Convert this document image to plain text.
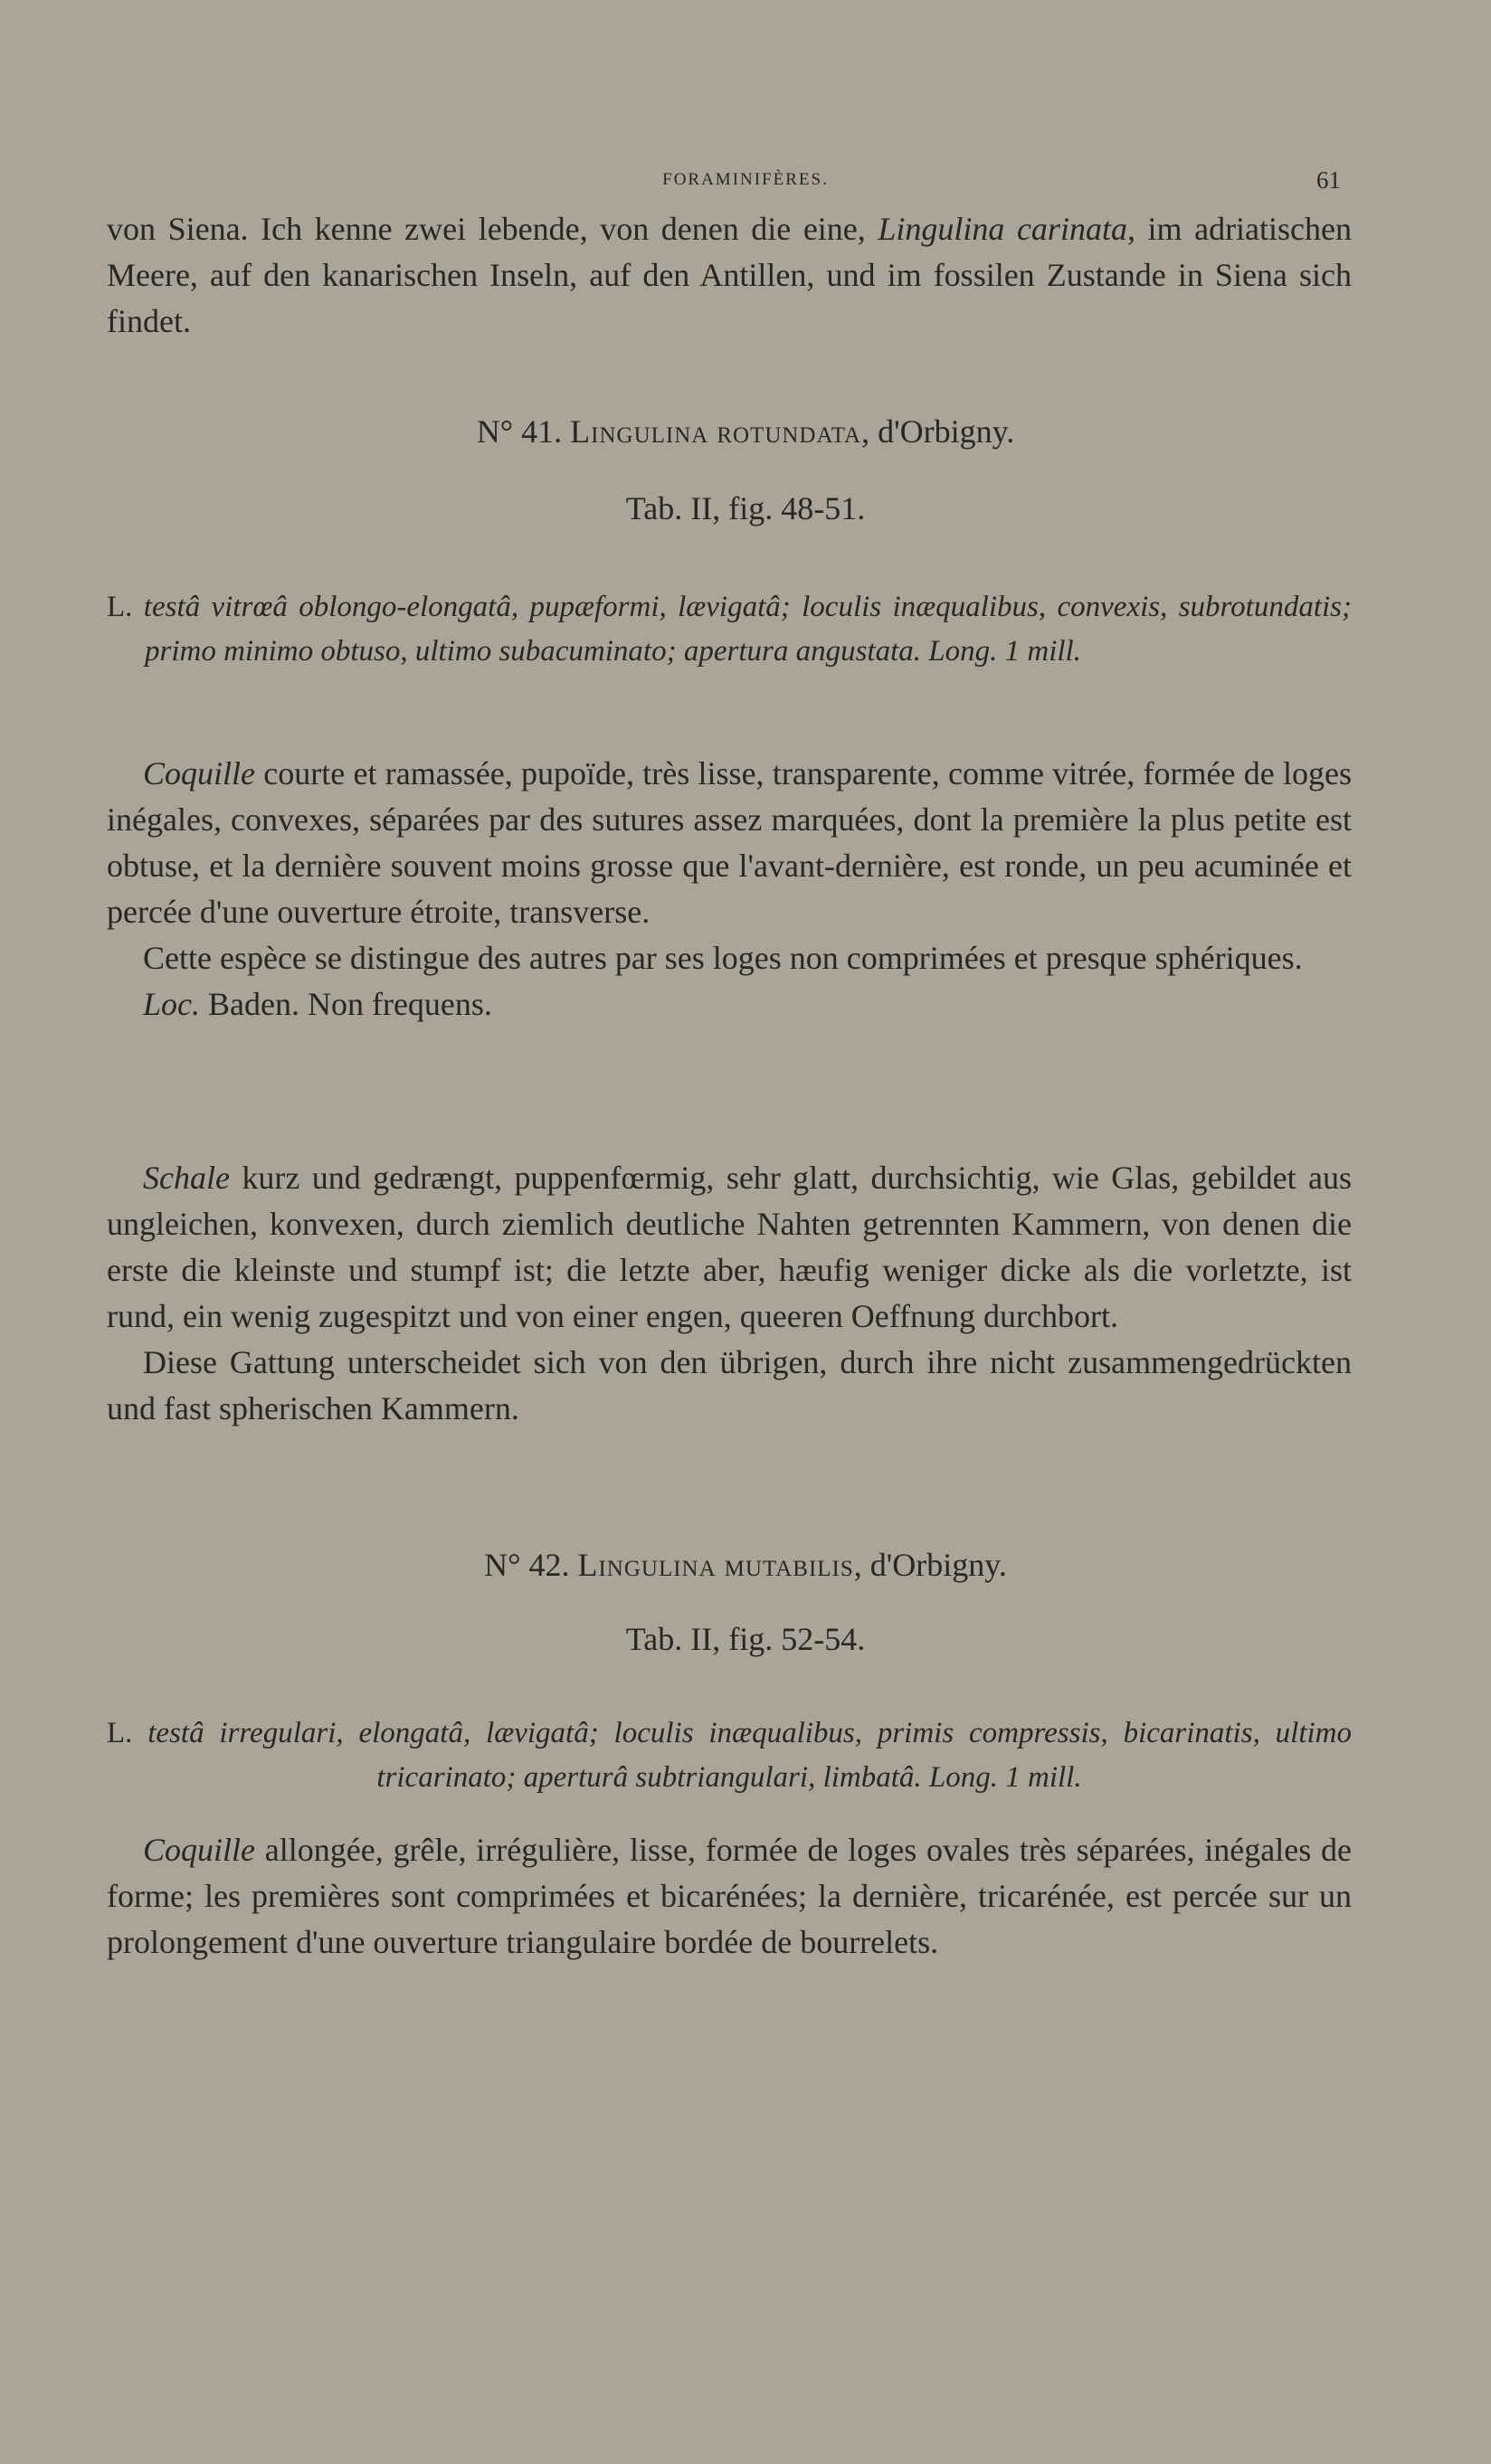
FORAMINIFÈRES.	61

von Siena. Ich kenne zwei lebende, von denen die eine, Lingulina carinata, im adriatischen Meere, auf den kanarischen Inseln, auf den Antillen, und im fossilen Zustande in Siena sich findet.

N° 41. Lingulina rotundata, d'Orbigny.
Tab. II, fig. 48-51.

L. testâ vitrœâ oblongo-elongatâ, pupæformi, lævigatâ; loculis inæqualibus, convexis, subrotundatis; primo minimo obtuso, ultimo subacuminato; apertura angustata. Long. 1 mill.

Coquille courte et ramassée, pupoïde, très lisse, transparente, comme vitrée, formée de loges inégales, convexes, séparées par des sutures assez marquées, dont la première la plus petite est obtuse, et la dernière souvent moins grosse que l'avant-dernière, est ronde, un peu acuminée et percée d'une ouverture étroite, transverse.

Cette espèce se distingue des autres par ses loges non comprimées et presque sphériques.

Loc. Baden. Non frequens.

Schale kurz und gedrængt, puppenfœrmig, sehr glatt, durchsichtig, wie Glas, gebildet aus ungleichen, konvexen, durch ziemlich deutliche Nahten getrennten Kammern, von denen die erste die kleinste und stumpf ist; die letzte aber, hæufig weniger dicke als die vorletzte, ist rund, ein wenig zugespitzt und von einer engen, queeren Oeffnung durchbort.

Diese Gattung unterscheidet sich von den übrigen, durch ihre nicht zusammengedrückten und fast spherischen Kammern.

N° 42. Lingulina mutabilis, d'Orbigny.
Tab. II, fig. 52-54.

L. testâ irregulari, elongatâ, lævigatâ; loculis inæqualibus, primis compressis, bicarinatis, ultimo tricarinato; aperturâ subtriangulari, limbatâ. Long. 1 mill.

Coquille allongée, grêle, irrégulière, lisse, formée de loges ovales très séparées, inégales de forme; les premières sont comprimées et bicarénées; la dernière, tricarénée, est percée sur un prolongement d'une ouverture triangulaire bordée de bourrelets.
